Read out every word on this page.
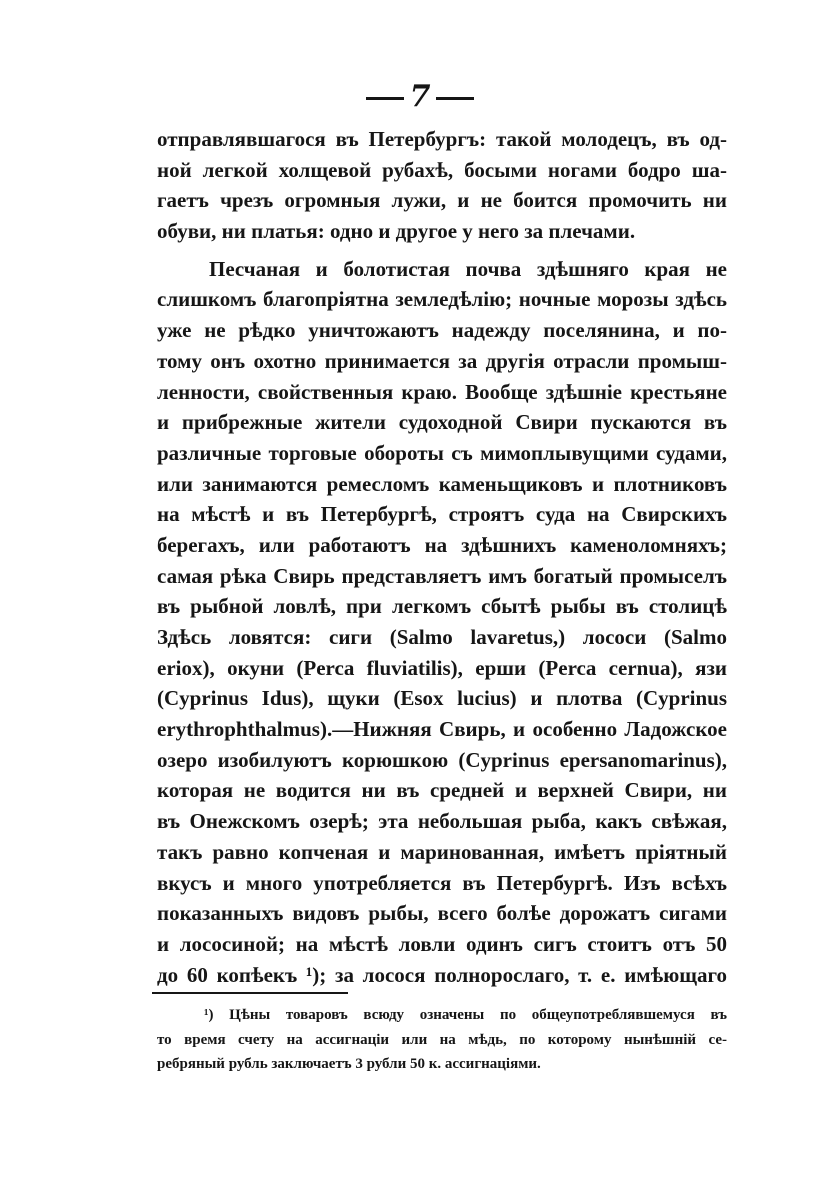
7
отправлявшагося въ Петербургъ: такой молодецъ, въ од-
ной легкой холщевой рубахѣ, босыми ногами бодро ша-
гаетъ чрезъ огромныя лужи, и не боится промочить ни
обуви, ни платья: одно и другое у него за плечами.
Песчаная и болотистая почва здѣшняго края не
слишкомъ благопріятна земледѣлію; ночные морозы здѣсь
уже не рѣдко уничтожаютъ надежду поселянина, и по-
тому онъ охотно принимается за другія отрасли промыш-
ленности, свойственныя краю. Вообще здѣшніе крестьяне
и прибрежные жители судоходной Свири пускаются въ
различные торговые обороты съ мимоплывущими судами,
или занимаются ремесломъ каменьщиковъ и плотниковъ
на мѣстѣ и въ Петербургѣ, строятъ суда на Свирскихъ
берегахъ, или работаютъ на здѣшнихъ каменоломняхъ;
самая рѣка Свирь представляетъ имъ богатый промыселъ
въ рыбной ловлѣ, при легкомъ сбытѣ рыбы въ столицѣ
Здѣсь ловятся: сиги (Salmo lavaretus,) лососи (Salmo
eriox), окуни (Perca fluviatilis), ерши (Perca cernua), язи
(Cyprinus Idus), щуки (Esox lucius) и плотва (Cyprinus
erythrophthalmus).—Нижняя Свирь, и особенно Ладожское
озеро изобилуютъ корюшкою (Cyprinus epersanomarinus),
которая не водится ни въ средней и верхней Свири, ни
въ Онежскомъ озерѣ; эта небольшая рыба, какъ свѣжая,
такъ равно копченая и маринованная, имѣетъ пріятный
вкусъ и много употребляется въ Петербургѣ. Изъ всѣхъ
показанныхъ видовъ рыбы, всего болѣе дорожатъ сигами
и лососиной; на мѣстѣ ловли одинъ сигъ стоитъ отъ 50
до 60 копѣекъ ¹); за лосося полнорослаго, т. е. имѣющаго
¹) Цѣны товаровъ всюду означены по общеупотреблявшемуся въ
то время счету на ассигнаціи или на мѣдь, по которому нынѣшній се-
ребряный рубль заключаетъ 3 рубли 50 к. ассигнаціями.
